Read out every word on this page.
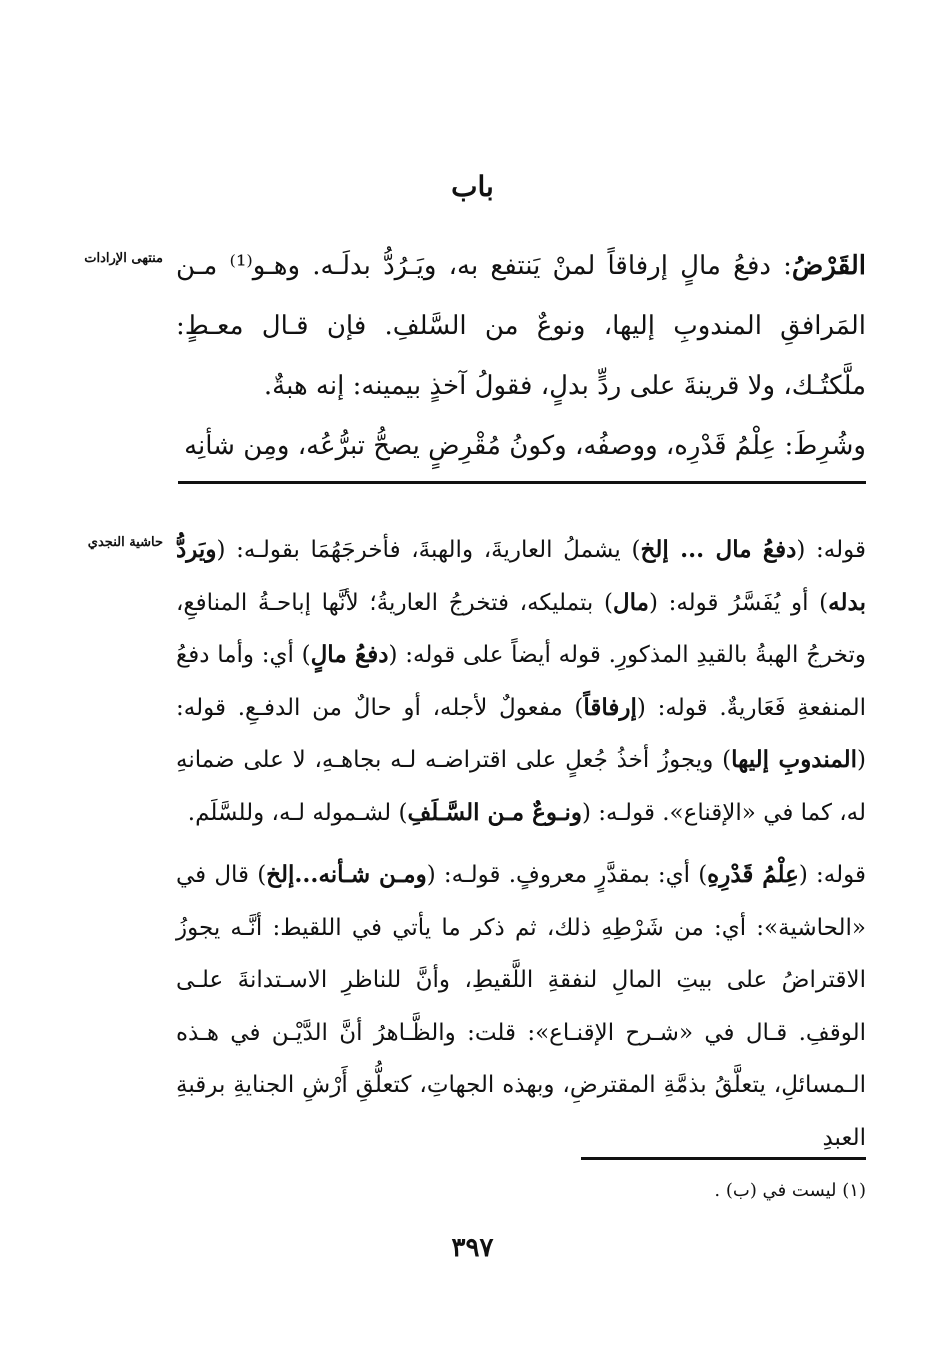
باب
منتهى الإرادات	القَرْضُ: دفعُ مالٍ إرفاقاً لمنْ يَنتفع به، ويَـرُدُّ بدلَـه. وهـو⁽¹⁾ مـن المَرافقِ المندوبِ إليها، ونوعٌ من السَّلفِ. فإن قـال معـطٍ: ملَّكتُـك، ولا قرينةَ على ردٍّ بدلٍ، فقولُ آخذٍ بيمينه: إنه هبةٌ.

وشُرِطَ: عِلْمُ قَدْرِه، ووصفُه، وكونُ مُقْرِضٍ يصحُّ تبرُّعُه، ومِن شأنِه

حاشية النجدي	قوله: (دفعُ مال ... إلخ) يشملُ العاريةَ، والهبةَ، فأخرجَهُمَا بقولـه: (ويَردُّ بدله) أو يُفَسَّرُ قوله: (مال) بتمليكه، فتخرجُ العاريةُ؛ لأنَّها إباحـةُ المنافعِ، وتخرجُ الهبةُ بالقيدِ المذكورِ. قوله أيضاً على قوله: (دفعُ مالٍ) أي: وأما دفعُ المنفعةِ فَعَاريةٌ. قوله: (إرفاقاً) مفعولٌ لأجله، أو حالٌ من الدفـعِ. قوله: (المندوبِ إليها) ويجوزُ أخذُ جُعلٍ على اقتراضـه لـه بجاهـهِ، لا على ضمانهِ له، كما في «الإقناع». قولـه: (ونـوعٌ مـن السَّـلَفِ) لشـموله لـه، وللسَّلَم.

قوله: (عِلْمُ قَدْرِهِ) أي: بمقدَّرٍ معروفٍ. قولـه: (ومـن شـأنه...إلخ) قال في «الحاشية»: أي: من شَرْطِهِ ذلك، ثم ذكر ما يأتي في اللقيط: أنَّـه يجوزُ الاقتراضُ على بيتِ المالِ لنفقةِ اللَّقيطِ، وأنَّ للناظرِ الاسـتدانةَ علـى الوقفِ. قـال في «شـرح الإقنـاع»: قلت: والظَّـاهرُ أنَّ الدَّيْـن في هـذه الـمسائلِ، يتعلَّقُ بذمَّةِ المقترضِ، وبهذه الجهاتِ، كتعلُّقِ أَرْشِ الجنايةِ برقبةِ العبدِ

(١) ليست في (ب) .
٣٩٧
